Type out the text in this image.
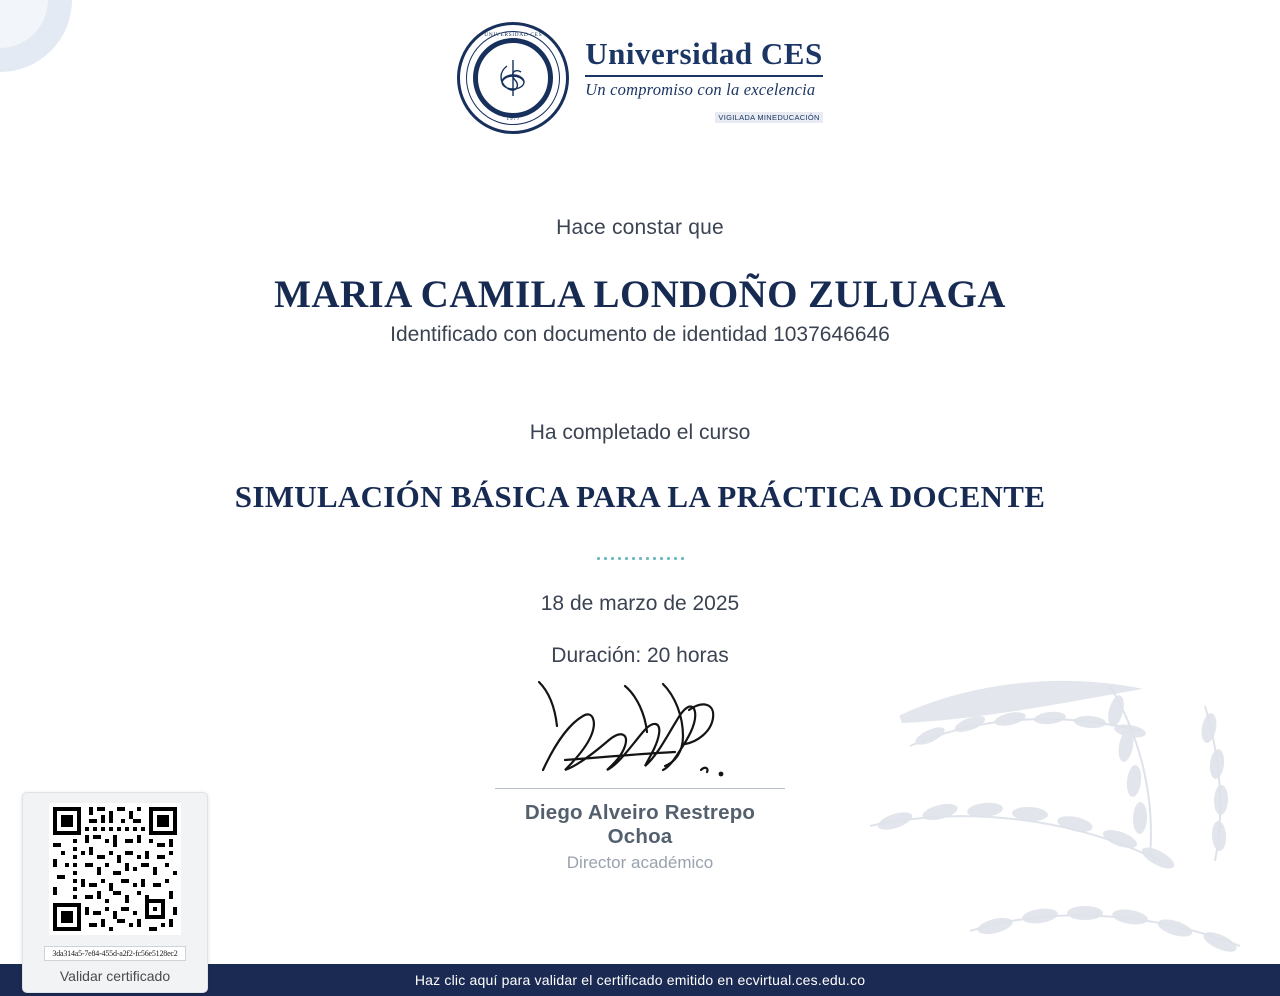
UNIVERSIDAD CES
1977
Universidad CES
Un compromiso con la excelencia
VIGILADA MINEDUCACIÓN
Hace constar que
MARIA CAMILA LONDOÑO ZULUAGA
Identificado con documento de identidad 1037646646
Ha completado el curso
SIMULACIÓN BÁSICA PARA LA PRÁCTICA DOCENTE
18 de marzo de 2025
Duración: 20 horas
Diego Alveiro Restrepo Ochoa
Director académico
3da314a5-7e84-455d-a2f2-fc56e5128ec2
Validar certificado	Haz clic aquí para validar el certificado emitido en ecvirtual.ces.edu.co
